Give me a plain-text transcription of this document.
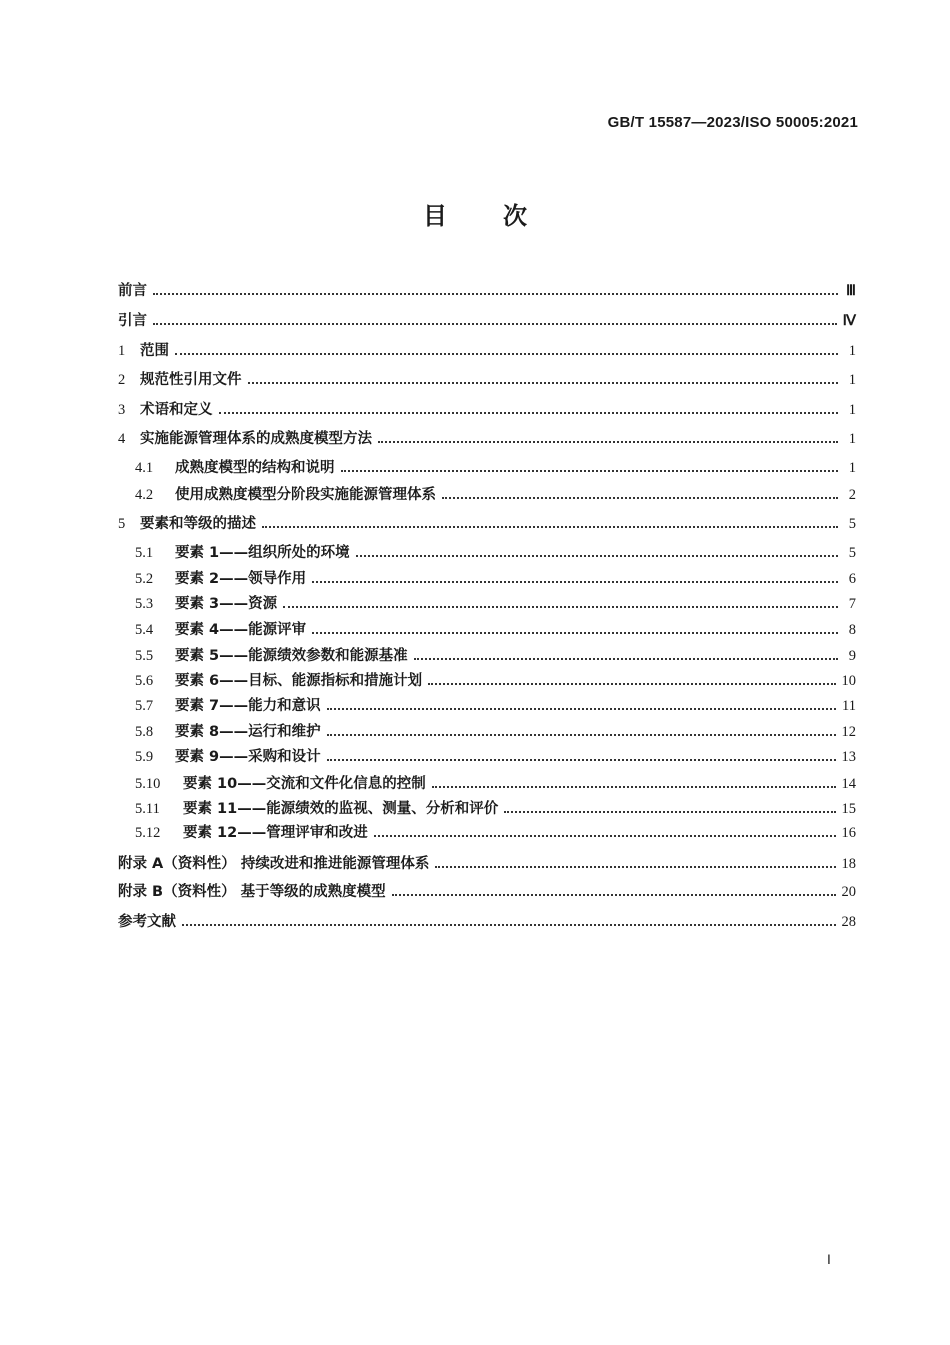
GB/T 15587—2023/ISO 50005:2021
目 次
前言	Ⅲ
引言	Ⅳ
1	范围	1
2	规范性引用文件	1
3	术语和定义	1
4	实施能源管理体系的成熟度模型方法	1
4.1	成熟度模型的结构和说明	1
4.2	使用成熟度模型分阶段实施能源管理体系	2
5	要素和等级的描述	5
5.1	要素 1——组织所处的环境	5
5.2	要素 2——领导作用	6
5.3	要素 3——资源	7
5.4	要素 4——能源评审	8
5.5	要素 5——能源绩效参数和能源基准	9
5.6	要素 6——目标、能源指标和措施计划	10
5.7	要素 7——能力和意识	11
5.8	要素 8——运行和维护	12
5.9	要素 9——采购和设计	13
5.10	要素 10——交流和文件化信息的控制	14
5.11	要素 11——能源绩效的监视、测量、分析和评价	15
5.12	要素 12——管理评审和改进	16
附录 A（资料性） 持续改进和推进能源管理体系	18
附录 B（资料性） 基于等级的成熟度模型	20
参考文献	28
Ⅰ
